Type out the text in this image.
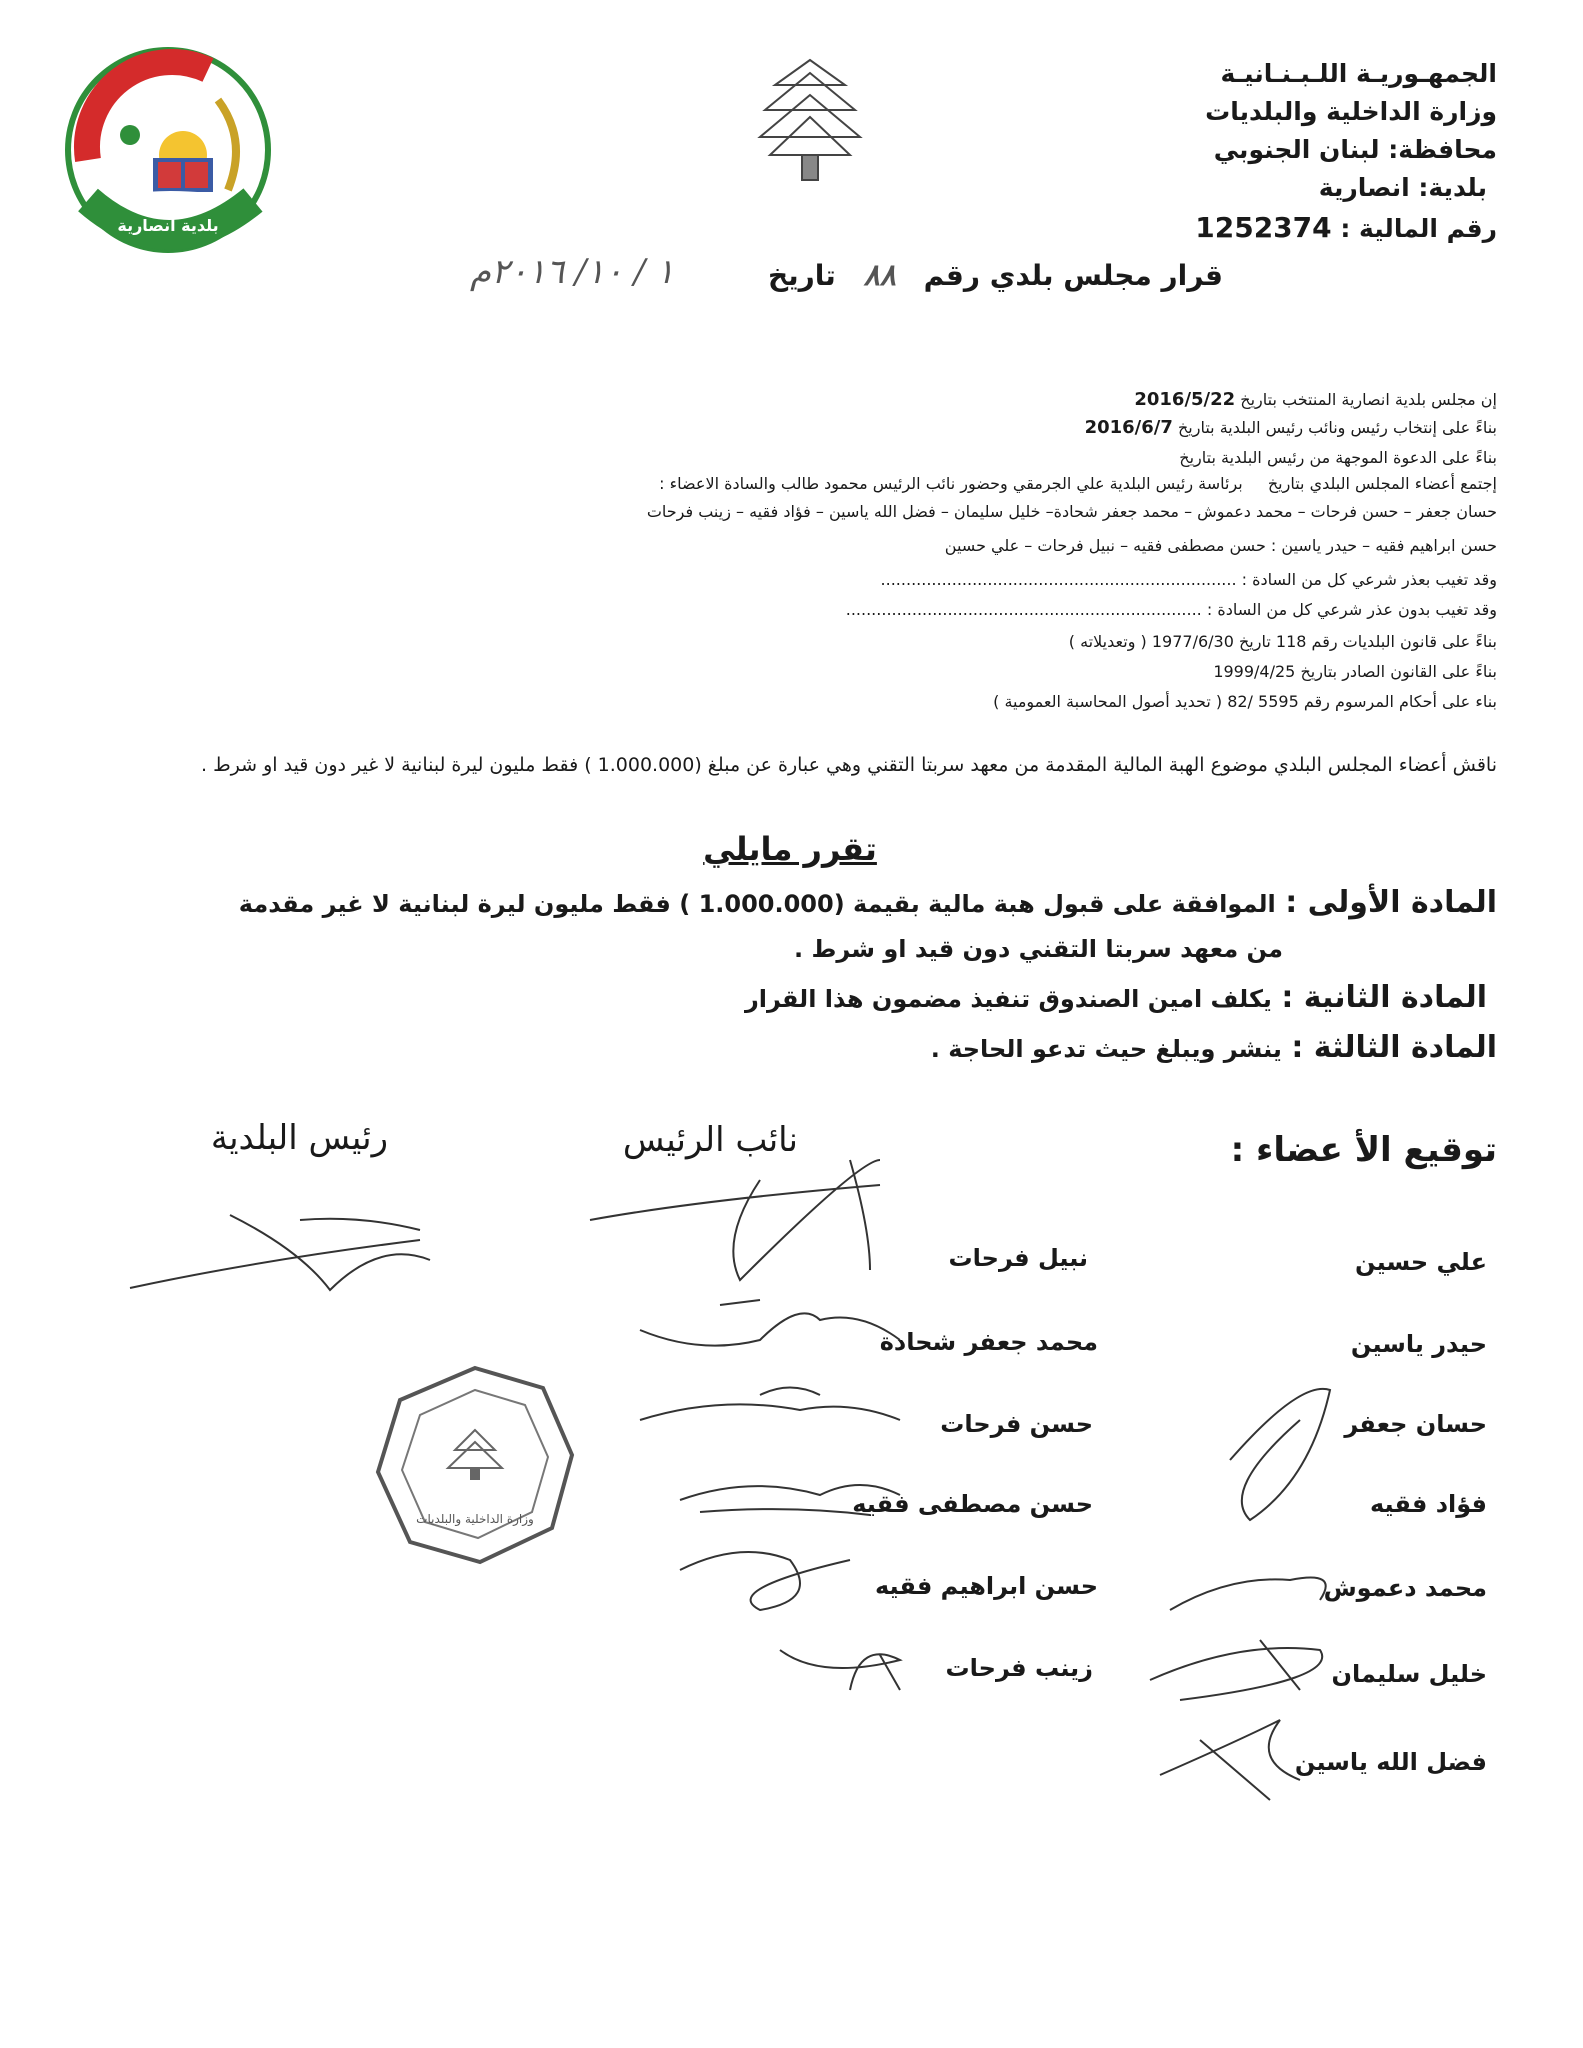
بلدية انصارية
الجمهـوريـة اللـبـنـانيـة
وزارة الداخلية والبلديات
محافظة: لبنان الجنوبي
بلدية: انصارية
رقم المالية : 1252374
قرار مجلس بلدي رقم ٨٨ تاريخ
١ / ١٠/ ٢٠١٦م
إن مجلس بلدية انصارية المنتخب بتاريخ 2016/5/22
بناءً على إنتخاب رئيس ونائب رئيس البلدية بتاريخ 2016/6/7
بناءً على الدعوة الموجهة من رئيس البلدية بتاريخ
إجتمع أعضاء المجلس البلدي بتاريخ برئاسة رئيس البلدية علي الجرمقي وحضور نائب الرئيس محمود طالب والسادة الاعضاء :
حسان جعفر – حسن فرحات – محمد دعموش – محمد جعفر شحادة– خليل سليمان – فضل الله ياسين – فؤاد فقيه – زينب فرحات
حسن ابراهيم فقيه – حيدر ياسين : حسن مصطفى فقيه – نبيل فرحات – علي حسين
وقد تغيب بعذر شرعي كل من السادة : ......................................................................
وقد تغيب بدون عذر شرعي كل من السادة : ......................................................................
بناءً على قانون البلديات رقم 118 تاريخ 1977/6/30 ( وتعديلاته )
بناءً على القانون الصادر بتاريخ 1999/4/25
بناء على أحكام المرسوم رقم 5595 /82 ( تحديد أصول المحاسبة العمومية )
ناقش أعضاء المجلس البلدي موضوع الهبة المالية المقدمة من معهد سربتا التقني وهي عبارة عن مبلغ (1.000.000 ) فقط مليون ليرة لبنانية لا غير دون قيد او شرط .
تقرر مايلي
المادة الأولى : الموافقة على قبول هبة مالية بقيمة (1.000.000 ) فقط مليون ليرة لبنانية لا غير مقدمة
من معهد سربتا التقني دون قيد او شرط .
المادة الثانية : يكلف امين الصندوق تنفيذ مضمون هذا القرار
المادة الثالثة : ينشر ويبلغ حيث تدعو الحاجة .
توقيع الأ عضاء :
نائب الرئيس
رئيس البلدية
علي حسين
حيدر ياسين
حسان جعفر
فؤاد فقيه
محمد دعموش
خليل سليمان
فضل الله ياسين
نبيل فرحات
محمد جعفر شحادة
حسن فرحات
حسن مصطفى فقيه
حسن ابراهيم فقيه
زينب فرحات
وزارة الداخلية والبلديات
